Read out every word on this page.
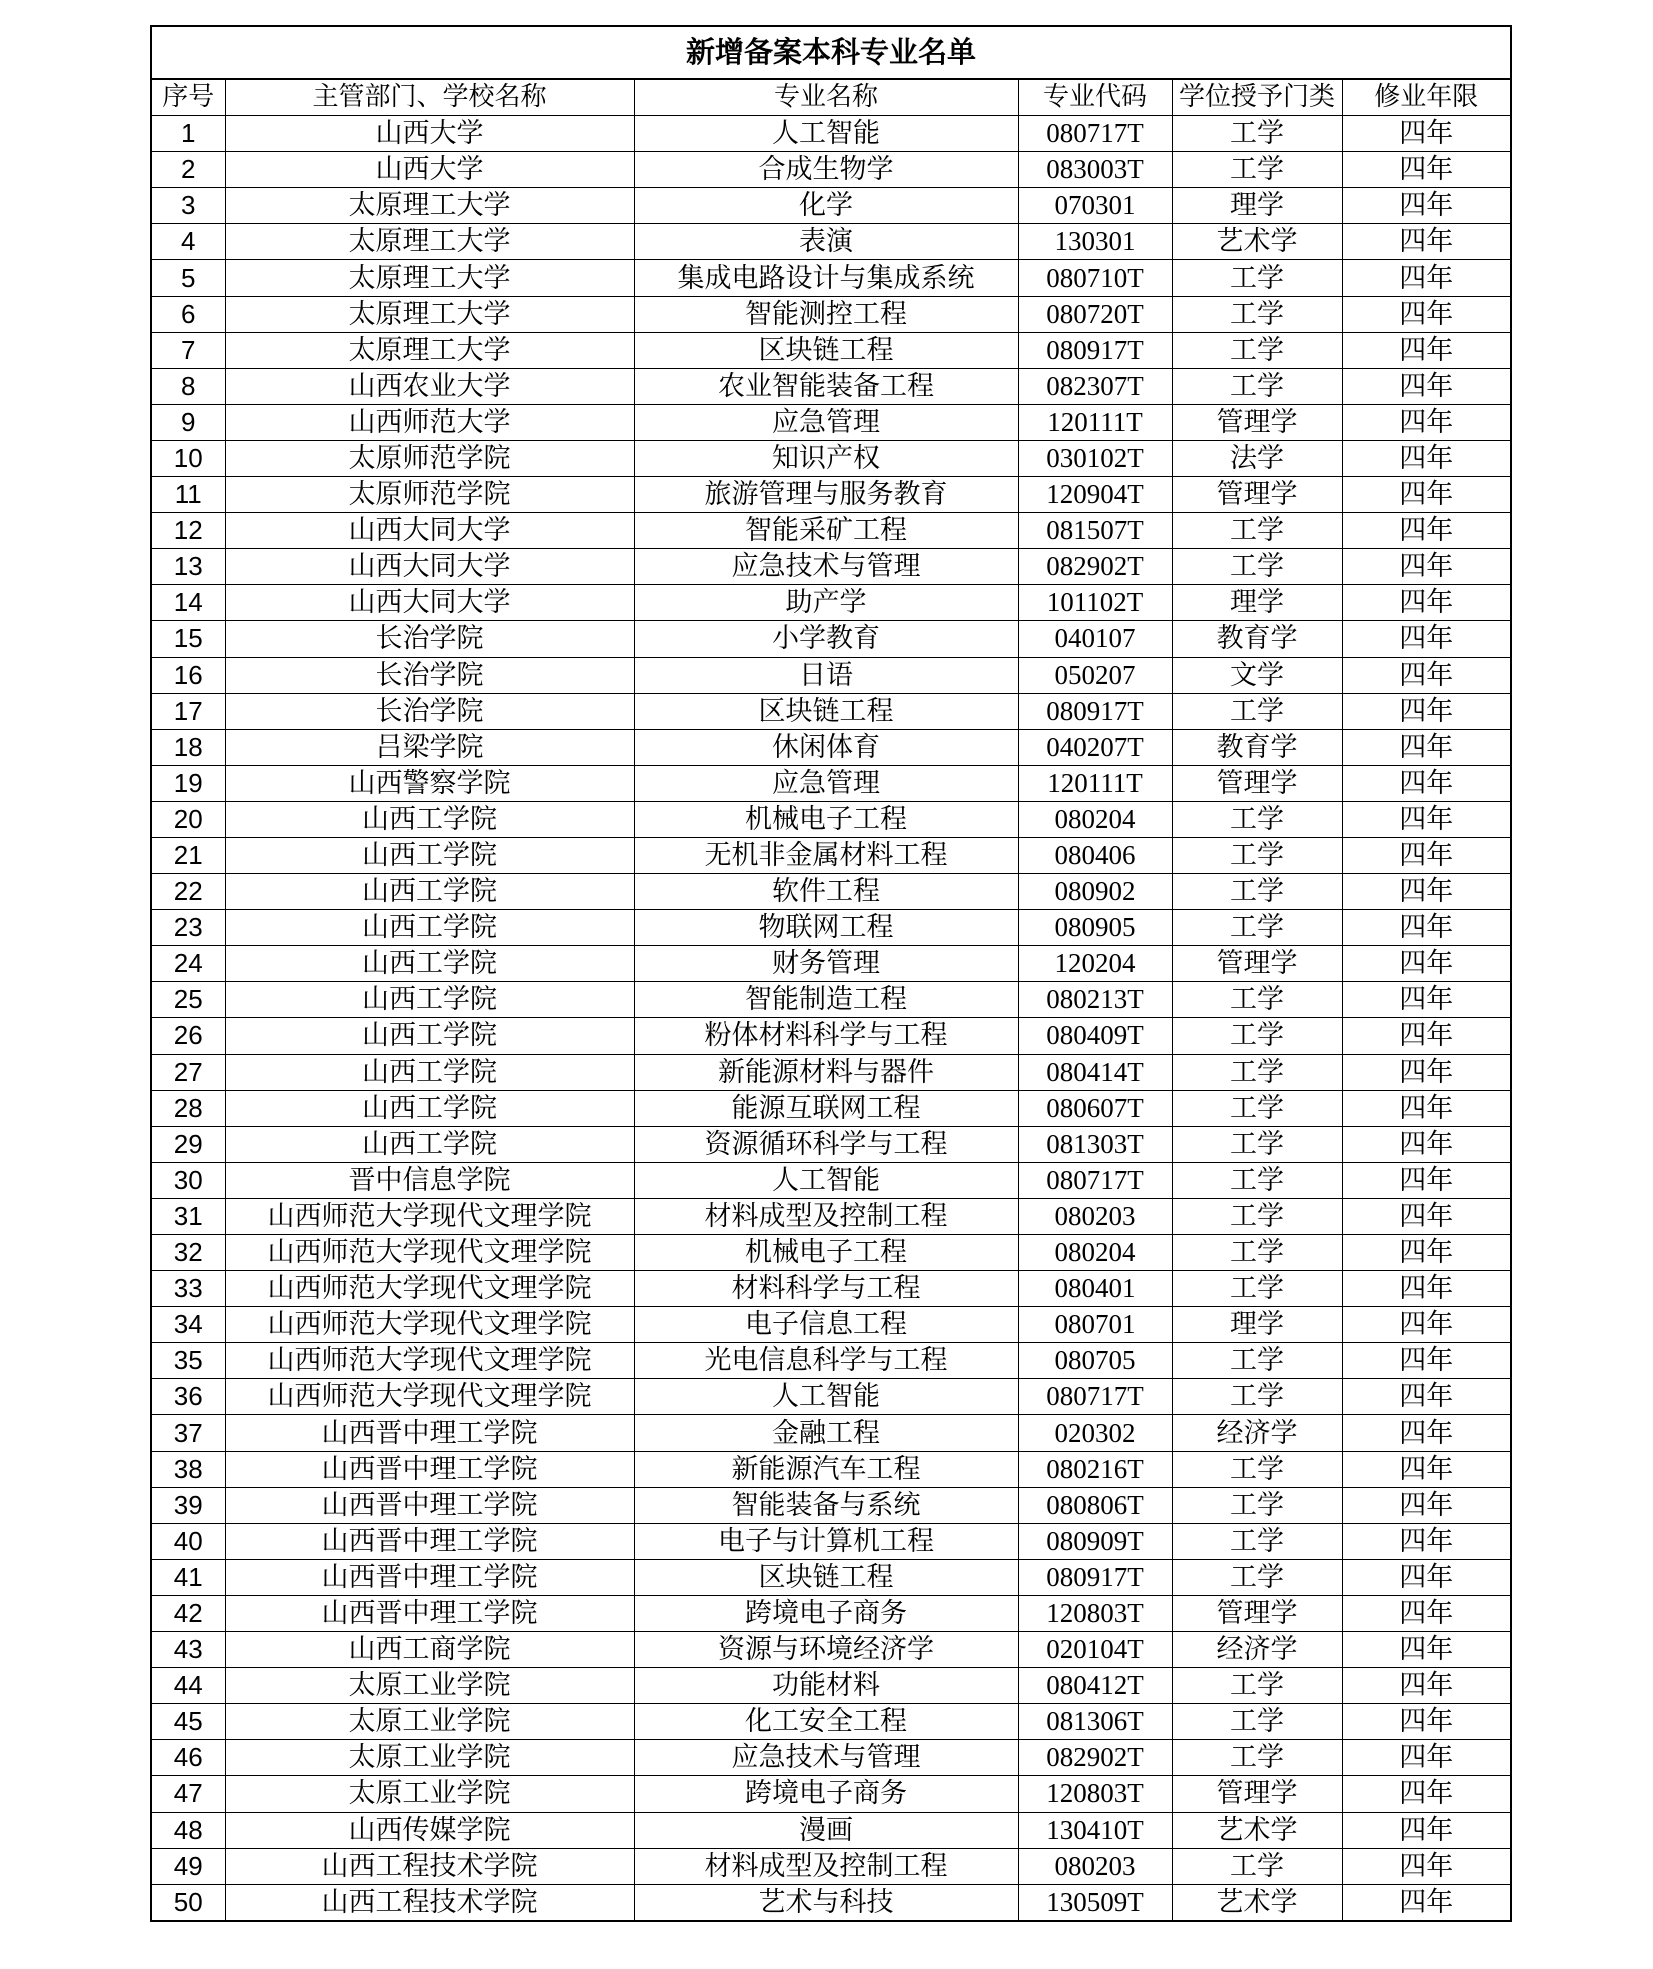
新增备案本科专业名单					
序号	主管部门、学校名称	专业名称	专业代码	学位授予门类	修业年限
1	山西大学	人工智能	080717T	工学	四年
2	山西大学	合成生物学	083003T	工学	四年
3	太原理工大学	化学	070301	理学	四年
4	太原理工大学	表演	130301	艺术学	四年
5	太原理工大学	集成电路设计与集成系统	080710T	工学	四年
6	太原理工大学	智能测控工程	080720T	工学	四年
7	太原理工大学	区块链工程	080917T	工学	四年
8	山西农业大学	农业智能装备工程	082307T	工学	四年
9	山西师范大学	应急管理	120111T	管理学	四年
10	太原师范学院	知识产权	030102T	法学	四年
11	太原师范学院	旅游管理与服务教育	120904T	管理学	四年
12	山西大同大学	智能采矿工程	081507T	工学	四年
13	山西大同大学	应急技术与管理	082902T	工学	四年
14	山西大同大学	助产学	101102T	理学	四年
15	长治学院	小学教育	040107	教育学	四年
16	长治学院	日语	050207	文学	四年
17	长治学院	区块链工程	080917T	工学	四年
18	吕梁学院	休闲体育	040207T	教育学	四年
19	山西警察学院	应急管理	120111T	管理学	四年
20	山西工学院	机械电子工程	080204	工学	四年
21	山西工学院	无机非金属材料工程	080406	工学	四年
22	山西工学院	软件工程	080902	工学	四年
23	山西工学院	物联网工程	080905	工学	四年
24	山西工学院	财务管理	120204	管理学	四年
25	山西工学院	智能制造工程	080213T	工学	四年
26	山西工学院	粉体材料科学与工程	080409T	工学	四年
27	山西工学院	新能源材料与器件	080414T	工学	四年
28	山西工学院	能源互联网工程	080607T	工学	四年
29	山西工学院	资源循环科学与工程	081303T	工学	四年
30	晋中信息学院	人工智能	080717T	工学	四年
31	山西师范大学现代文理学院	材料成型及控制工程	080203	工学	四年
32	山西师范大学现代文理学院	机械电子工程	080204	工学	四年
33	山西师范大学现代文理学院	材料科学与工程	080401	工学	四年
34	山西师范大学现代文理学院	电子信息工程	080701	理学	四年
35	山西师范大学现代文理学院	光电信息科学与工程	080705	工学	四年
36	山西师范大学现代文理学院	人工智能	080717T	工学	四年
37	山西晋中理工学院	金融工程	020302	经济学	四年
38	山西晋中理工学院	新能源汽车工程	080216T	工学	四年
39	山西晋中理工学院	智能装备与系统	080806T	工学	四年
40	山西晋中理工学院	电子与计算机工程	080909T	工学	四年
41	山西晋中理工学院	区块链工程	080917T	工学	四年
42	山西晋中理工学院	跨境电子商务	120803T	管理学	四年
43	山西工商学院	资源与环境经济学	020104T	经济学	四年
44	太原工业学院	功能材料	080412T	工学	四年
45	太原工业学院	化工安全工程	081306T	工学	四年
46	太原工业学院	应急技术与管理	082902T	工学	四年
47	太原工业学院	跨境电子商务	120803T	管理学	四年
48	山西传媒学院	漫画	130410T	艺术学	四年
49	山西工程技术学院	材料成型及控制工程	080203	工学	四年
50	山西工程技术学院	艺术与科技	130509T	艺术学	四年
